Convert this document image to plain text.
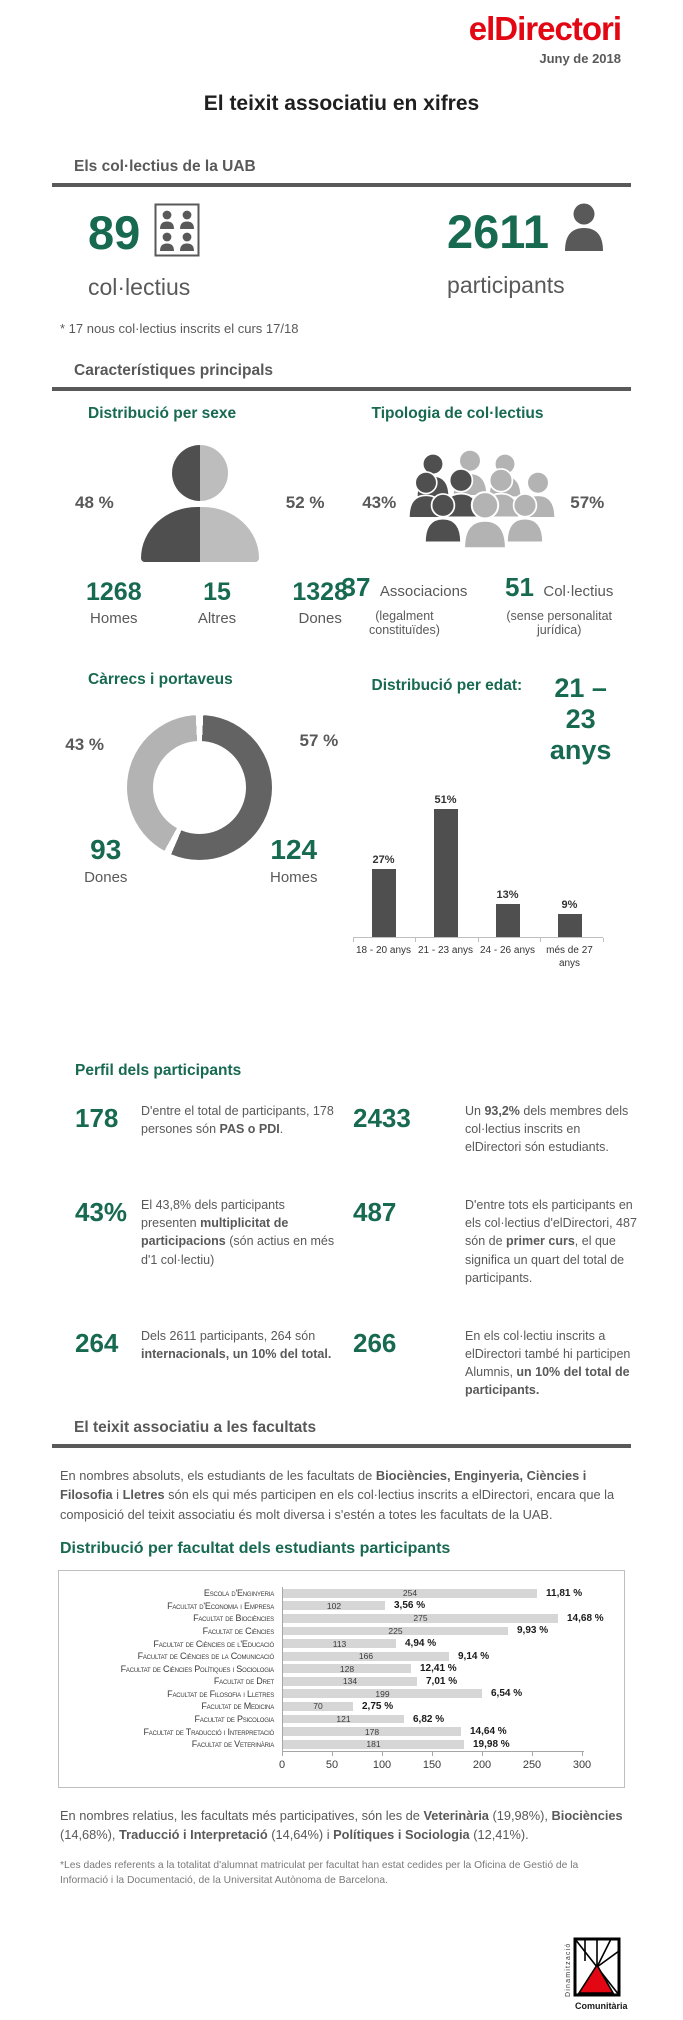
elDirectori
Juny de 2018
El teixit associatiu en xifres
Els col·lectius de la UAB
89
col·lectius
2611
participants
* 17 nous col·lectius inscrits el curs 17/18
Característiques principals
Distribució per sexe
48 %	52 %
1268
Homes
15
Altres
1328
Dones
Tipologia de col·lectius
43%	57%
37 Associacions
(legalment constituïdes)
51 Col·lectius
(sense personalitat jurídica)
Càrrecs i portaveus
43 %	57 %
93
Dones
124
Homes
Distribució per edat:	21 – 23
anys
27%
51%
13%
9%
18 - 20 anys 21 - 23 anys 24 - 26 anys	més de 27 anys
Perfil dels participants
178	D'entre el total de participants, 178 persones són PAS o PDI.	2433	Un 93,2% dels membres dels col·lectius inscrits en elDirectori són estudiants.
43%	El 43,8% dels participants presenten multiplicitat de participacions (són actius en més d'1 col·lectiu)
487	D'entre tots els participants en els col·lectius d'elDirectori, 487 són de primer curs, el que significa un quart del total de participants.
264	Dels 2611 participants, 264 són internacionals, un 10% del total. 266	En els col·lectiu inscrits a elDirectori també hi participen Alumnis, un 10% del total de participants.
El teixit associatiu a les facultats
En nombres absoluts, els estudiants de les facultats de Biociències, Enginyeria, Ciències i Filosofia i Lletres són els qui més participen en els col·lectius inscrits a elDirectori, encara que la composició del teixit associatiu és molt diversa i s'estén a totes les facultats de la UAB.
Distribució per facultat dels estudiants participants
Escola d'Enginyeria	254	11,81 %
Facultat d'Economia i Empresa	102	3,56 %
Facultat de Biociències	275	14,68 %
Facultat de Ciències	225	9,93 %
Facultat de Ciències de l'Educació	113	4,94 %
Facultat de Ciències de la Comunicació	166	9,14 %
Facultat de Ciències Polítiques i Sociologia	128	12,41 %
Facultat de Dret	134	7,01 %
Facultat de Filosofia i Lletres	199	6,54 %
Facultat de Medicina	70	2,75 %
Facultat de Psicologia	121	6,82 %
Facultat de Traducció i Interpretació	178	14,64 %
Facultat de Veterinària	181	19,98 %
0	50	100	150	200	250	300
En nombres relatius, les facultats més participatives, són les de Veterinària (19,98%), Biociències (14,68%), Traducció i Interpretació (14,64%) i Polítiques i Sociologia (12,41%).
*Les dades referents a la totalitat d'alumnat matriculat per facultat han estat cedides per la Oficina de Gestió de la Informació i la Documentació, de la Universitat Autònoma de Barcelona.
Dinamització
Comunitària
